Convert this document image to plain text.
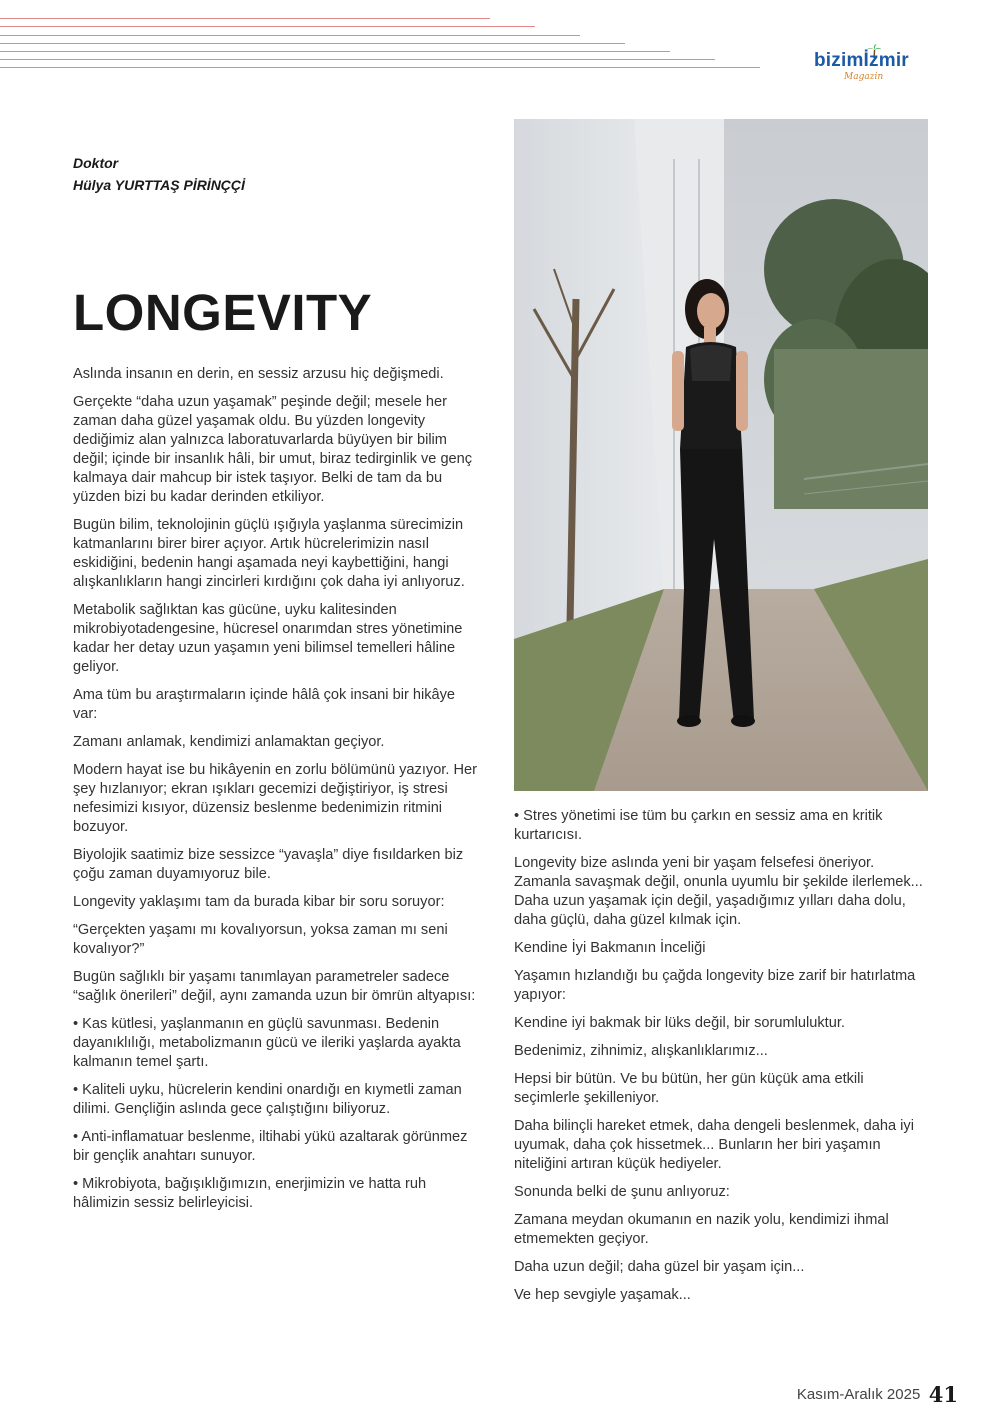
bizimİzmir
Magazin
Doktor
Hülya YURTTAŞ PİRİNÇÇİ
LONGEVITY

Aslında insanın en derin, en sessiz arzusu hiç değişmedi.

Gerçekte “daha uzun yaşamak” peşinde değil; mesele her zaman daha güzel yaşamak oldu. Bu yüzden longevity dediğimiz alan yalnızca laboratuvarlarda büyüyen bir bilim değil; içinde bir insanlık hâli, bir umut, biraz tedirginlik ve genç kalmaya dair mahcup bir istek taşıyor. Belki de tam da bu yüzden bizi bu kadar derinden etkiliyor.

Bugün bilim, teknolojinin güçlü ışığıyla yaşlanma sürecimizin katmanlarını birer birer açıyor. Artık hücrelerimizin nasıl eskidiğini, bedenin hangi aşamada neyi kaybettiğini, hangi alışkanlıkların hangi zincirleri kırdığını çok daha iyi anlıyoruz.

Metabolik sağlıktan kas gücüne, uyku kalitesinden mikrobiyotadengesine, hücresel onarımdan stres yönetimine kadar her detay uzun yaşamın yeni bilimsel temelleri hâline geliyor.

Ama tüm bu araştırmaların içinde hâlâ çok insani bir hikâye var:

Zamanı anlamak, kendimizi anlamaktan geçiyor.

Modern hayat ise bu hikâyenin en zorlu bölümünü yazıyor. Her şey hızlanıyor; ekran ışıkları gecemizi değiştiriyor, iş stresi nefesimizi kısıyor, düzensiz beslenme bedenimizin ritmini bozuyor.

Biyolojik saatimiz bize sessizce “yavaşla” diye fısıldarken biz çoğu zaman duyamıyoruz bile.

Longevity yaklaşımı tam da burada kibar bir soru soruyor:

“Gerçekten yaşamı mı kovalıyorsun, yoksa zaman mı seni kovalıyor?”

Bugün sağlıklı bir yaşamı tanımlayan parametreler sadece “sağlık önerileri” değil, aynı zamanda uzun bir ömrün altyapısı:

• Kas kütlesi, yaşlanmanın en güçlü savunması. Bedenin dayanıklılığı, metabolizmanın gücü ve ileriki yaşlarda ayakta kalmanın temel şartı.

• Kaliteli uyku, hücrelerin kendini onardığı en kıymetli zaman dilimi. Gençliğin aslında gece çalıştığını biliyoruz.

• Anti-inflamatuar beslenme, iltihabi yükü azaltarak görünmez bir gençlik anahtarı sunuyor.

• Mikrobiyota, bağışıklığımızın, enerjimizin ve hatta ruh hâlimizin sessiz belirleyicisi.

• Stres yönetimi ise tüm bu çarkın en sessiz ama en kritik kurtarıcısı.

Longevity bize aslında yeni bir yaşam felsefesi öneriyor. Zamanla savaşmak değil, onunla uyumlu bir şekilde ilerlemek... Daha uzun yaşamak için değil, yaşadığımız yılları daha dolu, daha güçlü, daha güzel kılmak için.

Kendine İyi Bakmanın İnceliği

Yaşamın hızlandığı bu çağda longevity bize zarif bir hatırlatma yapıyor:

Kendine iyi bakmak bir lüks değil, bir sorumluluktur.

Bedenimiz, zihnimiz, alışkanlıklarımız...

Hepsi bir bütün. Ve bu bütün, her gün küçük ama etkili seçimlerle şekilleniyor.

Daha bilinçli hareket etmek, daha dengeli beslenmek, daha iyi uyumak, daha çok hissetmek... Bunların her biri yaşamın niteliğini artıran küçük hediyeler.

Sonunda belki de şunu anlıyoruz:

Zamana meydan okumanın en nazik yolu, kendimizi ihmal etmemekten geçiyor.

Daha uzun değil; daha güzel bir yaşam için...

Ve hep sevgiyle yaşamak...

Kasım-Aralık 2025 41
